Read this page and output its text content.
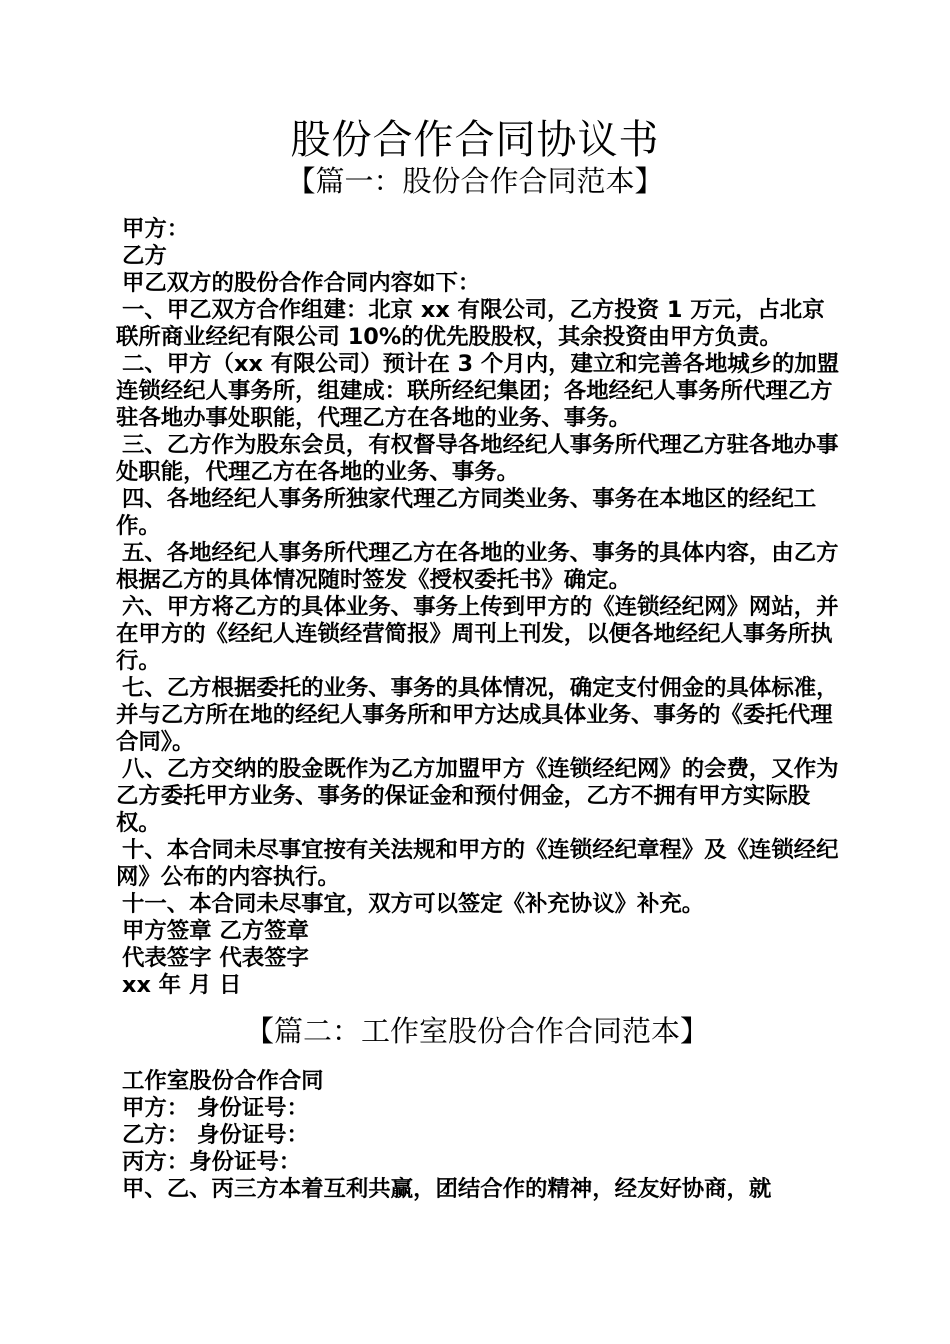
股份合作合同协议书
【篇一：股份合作合同范本】
甲方：
乙方
甲乙双方的股份合作合同内容如下：
一、甲乙双方合作组建：北京 xx 有限公司，乙方投资 1 万元，占北京联所商业经纪有限公司 10%的优先股股权，其余投资由甲方负责。
二、甲方（xx 有限公司）预计在 3 个月内，建立和完善各地城乡的加盟连锁经纪人事务所，组建成：联所经纪集团；各地经纪人事务所代理乙方驻各地办事处职能，代理乙方在各地的业务、事务。
三、乙方作为股东会员，有权督导各地经纪人事务所代理乙方驻各地办事处职能，代理乙方在各地的业务、事务。
四、各地经纪人事务所独家代理乙方同类业务、事务在本地区的经纪工作。
五、各地经纪人事务所代理乙方在各地的业务、事务的具体内容，由乙方根据乙方的具体情况随时签发《授权委托书》确定。
六、甲方将乙方的具体业务、事务上传到甲方的《连锁经纪网》网站，并在甲方的《经纪人连锁经营简报》周刊上刊发，以便各地经纪人事务所执行。
七、乙方根据委托的业务、事务的具体情况，确定支付佣金的具体标准，并与乙方所在地的经纪人事务所和甲方达成具体业务、事务的《委托代理合同》。
八、乙方交纳的股金既作为乙方加盟甲方《连锁经纪网》的会费，又作为乙方委托甲方业务、事务的保证金和预付佣金，乙方不拥有甲方实际股权。
十、本合同未尽事宜按有关法规和甲方的《连锁经纪章程》及《连锁经纪网》公布的内容执行。
十一、本合同未尽事宜，双方可以签定《补充协议》补充。
甲方签章 乙方签章
代表签字 代表签字
xx 年 月 日
【篇二：工作室股份合作合同范本】
工作室股份合作合同
甲方： 身份证号：
乙方： 身份证号：
丙方：身份证号：
甲、乙、丙三方本着互利共赢，团结合作的精神，经友好协商，就
